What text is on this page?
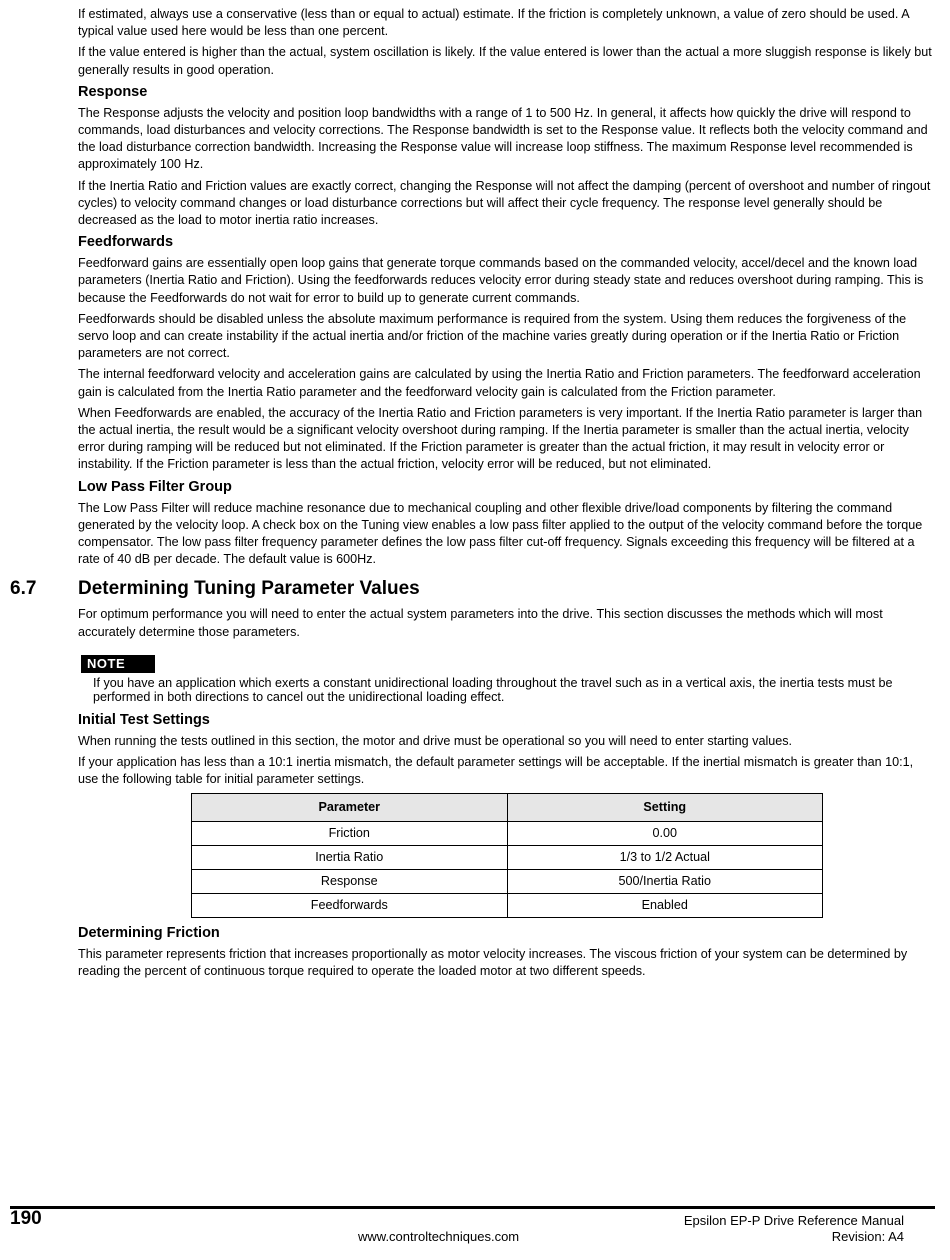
If estimated, always use a conservative (less than or equal to actual) estimate. If the friction is completely unknown, a value of zero should be used. A typical value used here would be less than one percent.

If the value entered is higher than the actual, system oscillation is likely. If the value entered is lower than the actual a more sluggish response is likely but generally results in good operation.

Response

The Response adjusts the velocity and position loop bandwidths with a range of 1 to 500 Hz. In general, it affects how quickly the drive will respond to commands, load disturbances and velocity corrections. The Response bandwidth is set to the Response value. It reflects both the velocity command and the load disturbance correction bandwidth. Increasing the Response value will increase loop stiffness. The maximum Response level recommended is approximately 100 Hz.

If the Inertia Ratio and Friction values are exactly correct, changing the Response will not affect the damping (percent of overshoot and number of ringout cycles) to velocity command changes or load disturbance corrections but will affect their cycle frequency. The response level generally should be decreased as the load to motor inertia ratio increases.

Feedforwards

Feedforward gains are essentially open loop gains that generate torque commands based on the commanded velocity, accel/decel and the known load parameters (Inertia Ratio and Friction). Using the feedforwards reduces velocity error during steady state and reduces overshoot during ramping. This is because the Feedforwards do not wait for error to build up to generate current commands.

Feedforwards should be disabled unless the absolute maximum performance is required from the system. Using them reduces the forgiveness of the servo loop and can create instability if the actual inertia and/or friction of the machine varies greatly during operation or if the Inertia Ratio or Friction parameters are not correct.

The internal feedforward velocity and acceleration gains are calculated by using the Inertia Ratio and Friction parameters. The feedforward acceleration gain is calculated from the Inertia Ratio parameter and the feedforward velocity gain is calculated from the Friction parameter.

When Feedforwards are enabled, the accuracy of the Inertia Ratio and Friction parameters is very important. If the Inertia Ratio parameter is larger than the actual inertia, the result would be a significant velocity overshoot during ramping. If the Inertia parameter is smaller than the actual inertia, velocity error during ramping will be reduced but not eliminated. If the Friction parameter is greater than the actual friction, it may result in velocity error or instability. If the Friction parameter is less than the actual friction, velocity error will be reduced, but not eliminated.

Low Pass Filter Group

The Low Pass Filter will reduce machine resonance due to mechanical coupling and other flexible drive/load components by filtering the command generated by the velocity loop. A check box on the Tuning view enables a low pass filter applied to the output of the velocity command before the torque compensator. The low pass filter frequency parameter defines the low pass filter cut-off frequency. Signals exceeding this frequency will be filtered at a rate of 40 dB per decade. The default value is 600Hz.

6.7 Determining Tuning Parameter Values

For optimum performance you will need to enter the actual system parameters into the drive. This section discusses the methods which will most accurately determine those parameters.

NOTE

If you have an application which exerts a constant unidirectional loading throughout the travel such as in a vertical axis, the inertia tests must be performed in both directions to cancel out the unidirectional loading effect.

Initial Test Settings

When running the tests outlined in this section, the motor and drive must be operational so you will need to enter starting values.

If your application has less than a 10:1 inertia mismatch, the default parameter settings will be acceptable. If the inertial mismatch is greater than 10:1, use the following table for initial parameter settings.

Parameter	Setting
Friction	0.00
Inertia Ratio	1/3 to 1/2 Actual
Response	500/Inertia Ratio
Feedforwards	Enabled
Determining Friction

This parameter represents friction that increases proportionally as motor velocity increases. The viscous friction of your system can be determined by reading the percent of continuous torque required to operate the loaded motor at two different speeds.

190	Epsilon EP-P Drive Reference Manual
www.controltechniques.com	Revision: A4
